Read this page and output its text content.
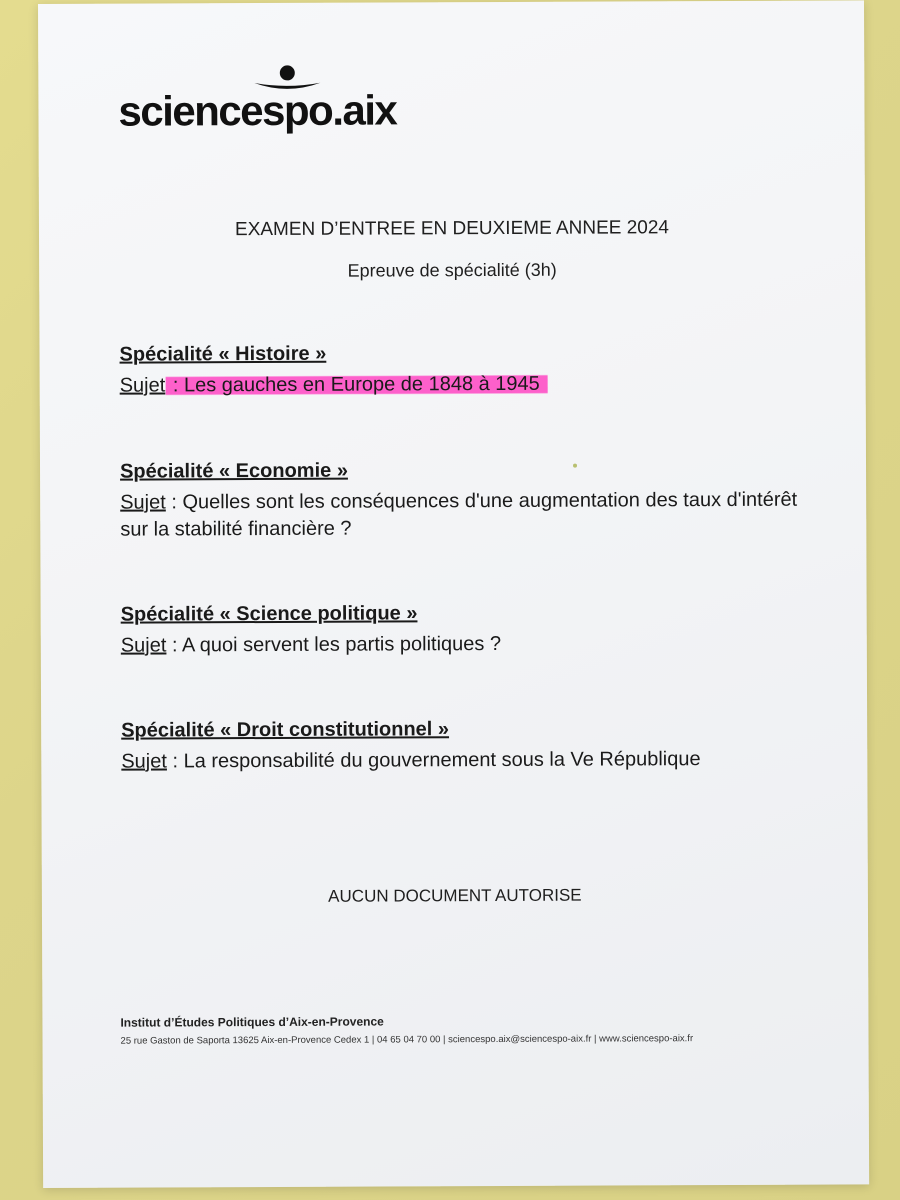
sciencespo.aix
EXAMEN D’ENTREE EN DEUXIEME ANNEE 2024
Epreuve de spécialité (3h)
Spécialité « Histoire »
Sujet : Les gauches en Europe de 1848 à 1945
Spécialité « Economie »
Sujet : Quelles sont les conséquences d'une augmentation des taux d'intérêt sur la stabilité financière ?
Spécialité « Science politique »
Sujet : A quoi servent les partis politiques ?
Spécialité « Droit constitutionnel »
Sujet : La responsabilité du gouvernement sous la Ve République
AUCUN DOCUMENT AUTORISE
Institut d’Études Politiques d’Aix-en-Provence
25 rue Gaston de Saporta 13625 Aix-en-Provence Cedex 1 | 04 65 04 70 00 | sciencespo.aix@sciencespo-aix.fr | www.sciencespo-aix.fr
